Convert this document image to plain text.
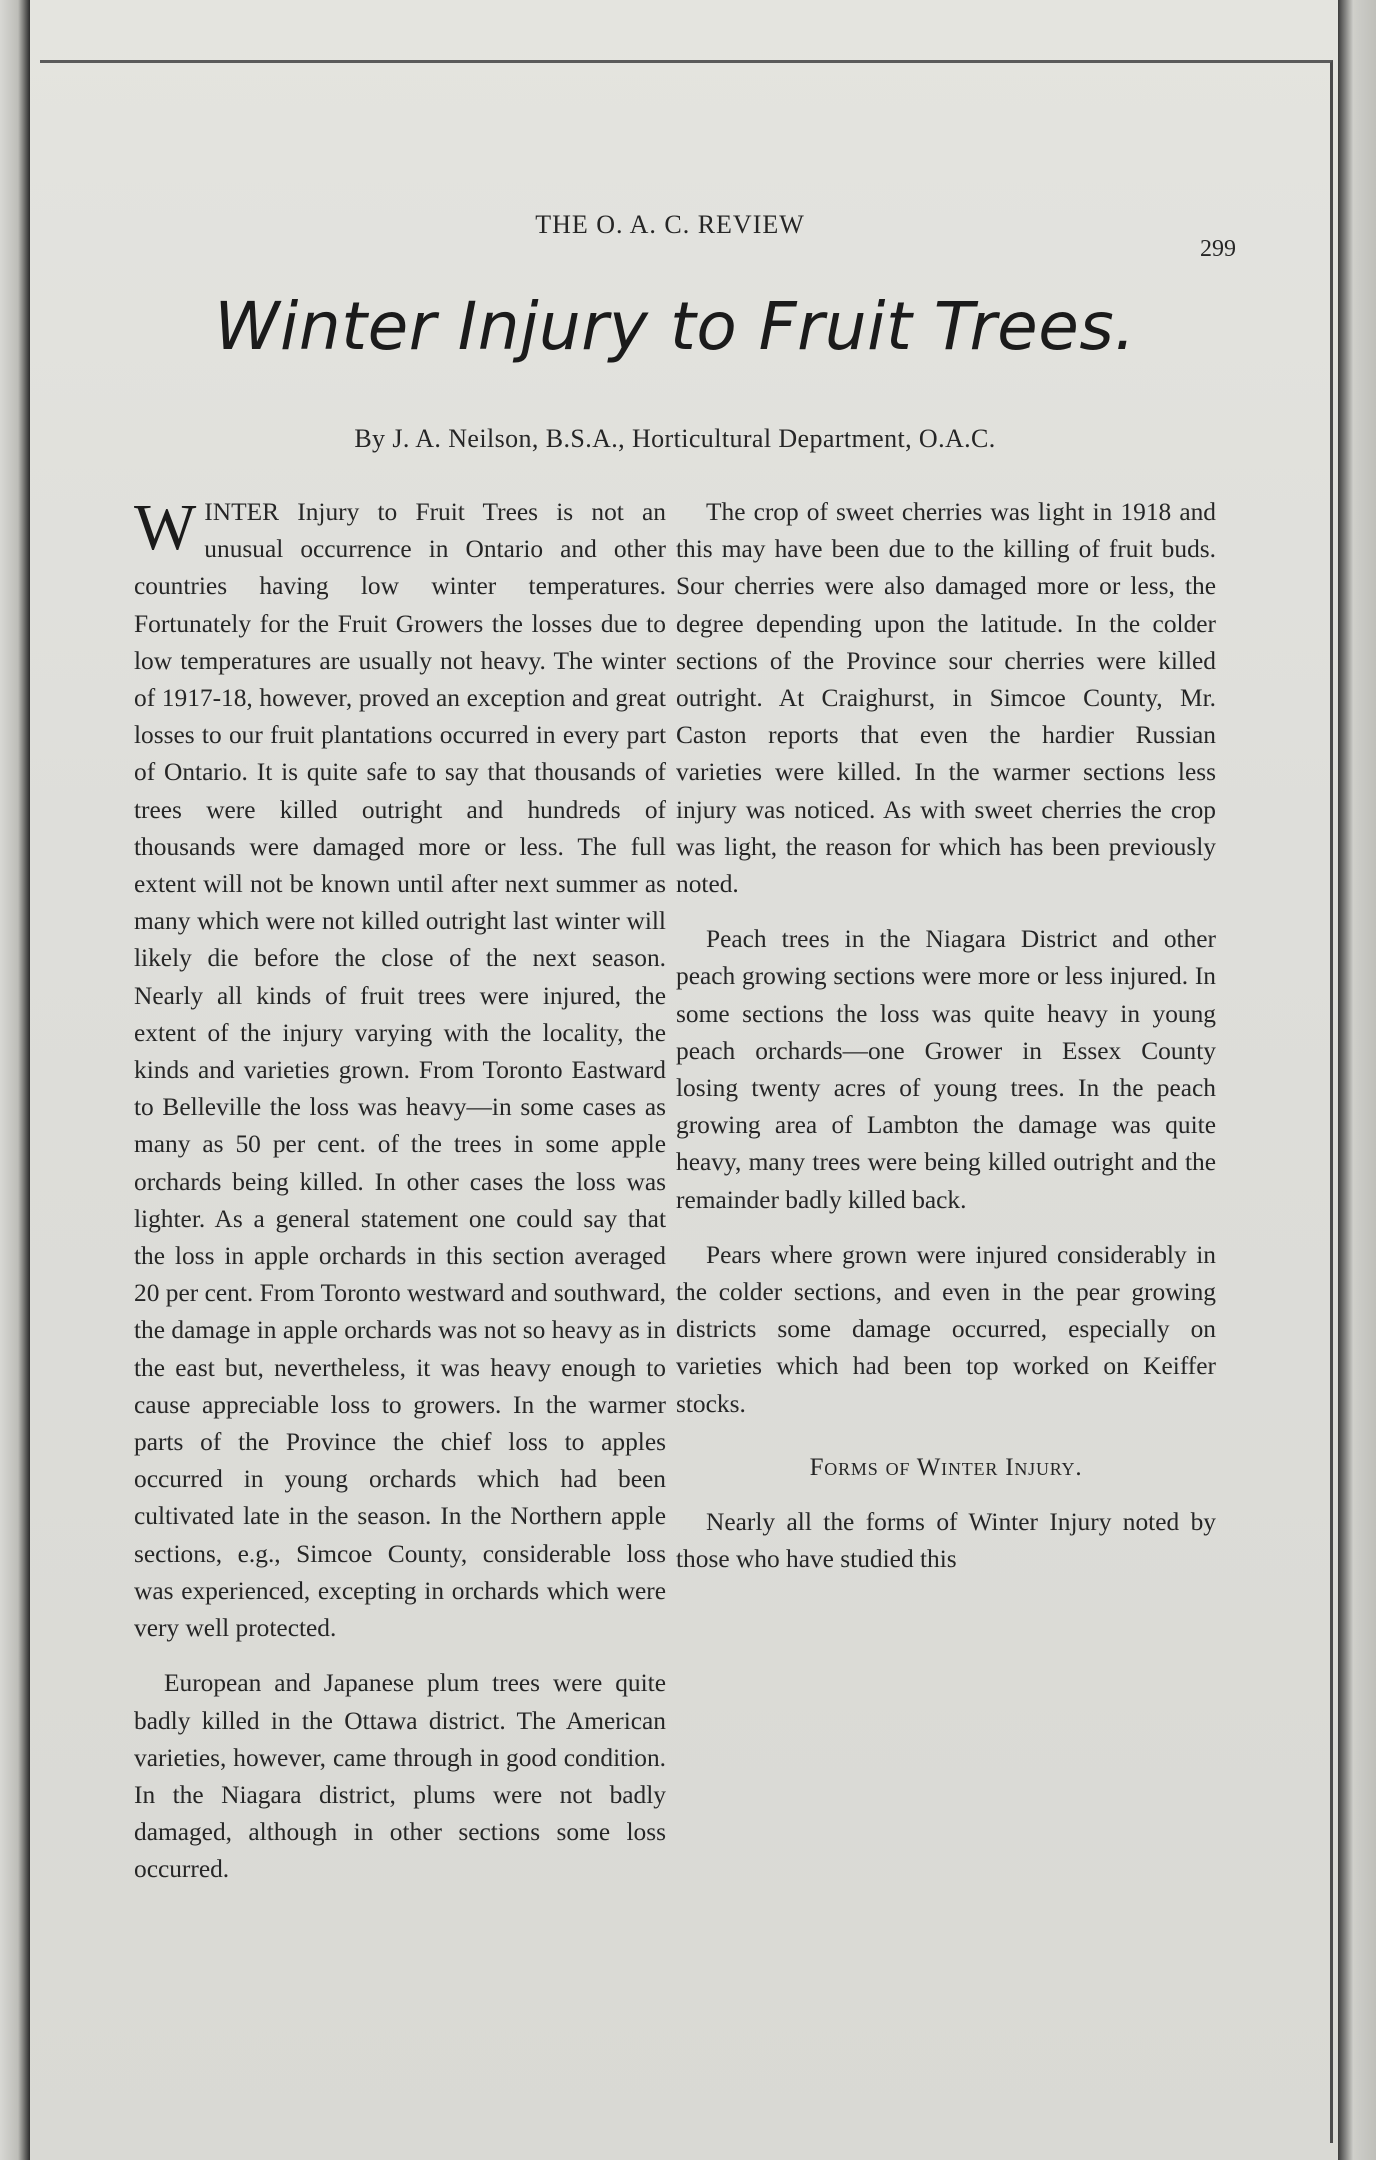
THE O. A. C. REVIEW
299
Winter Injury to Fruit Trees.
By J. A. Neilson, B.S.A., Horticultural Department, O.A.C.

WINTER Injury to Fruit Trees is not an unusual occurrence in Ontario and other countries having low winter temperatures. Fortunately for the Fruit Growers the losses due to low temperatures are usually not heavy. The winter of 1917-18, however, proved an exception and great losses to our fruit plantations occurred in every part of Ontario. It is quite safe to say that thousands of trees were killed outright and hundreds of thousands were damaged more or less. The full extent will not be known until after next summer as many which were not killed outright last winter will likely die before the close of the next season. Nearly all kinds of fruit trees were injured, the extent of the injury varying with the locality, the kinds and varieties grown. From Toronto Eastward to Belleville the loss was heavy—in some cases as many as 50 per cent. of the trees in some apple orchards being killed. In other cases the loss was lighter. As a general statement one could say that the loss in apple orchards in this section averaged 20 per cent. From Toronto westward and southward, the damage in apple orchards was not so heavy as in the east but, nevertheless, it was heavy enough to cause appreciable loss to growers. In the warmer parts of the Province the chief loss to apples occurred in young orchards which had been cultivated late in the season. In the Northern apple sections, e.g., Simcoe County, considerable loss was experienced, excepting in orchards which were very well protected.

European and Japanese plum trees were quite badly killed in the Ottawa district. The American varieties, however, came through in good condition. In the Niagara district, plums were not badly damaged, although in other sections some loss occurred.

The crop of sweet cherries was light in 1918 and this may have been due to the killing of fruit buds. Sour cherries were also damaged more or less, the degree depending upon the latitude. In the colder sections of the Province sour cherries were killed outright. At Craighurst, in Simcoe County, Mr. Caston reports that even the hardier Russian varieties were killed. In the warmer sections less injury was noticed. As with sweet cherries the crop was light, the reason for which has been previously noted.

Peach trees in the Niagara District and other peach growing sections were more or less injured. In some sections the loss was quite heavy in young peach orchards—one Grower in Essex County losing twenty acres of young trees. In the peach growing area of Lambton the damage was quite heavy, many trees were being killed outright and the remainder badly killed back.

Pears where grown were injured considerably in the colder sections, and even in the pear growing districts some damage occurred, especially on varieties which had been top worked on Keiffer stocks.

Forms of Winter Injury.

Nearly all the forms of Winter Injury noted by those who have studied this
